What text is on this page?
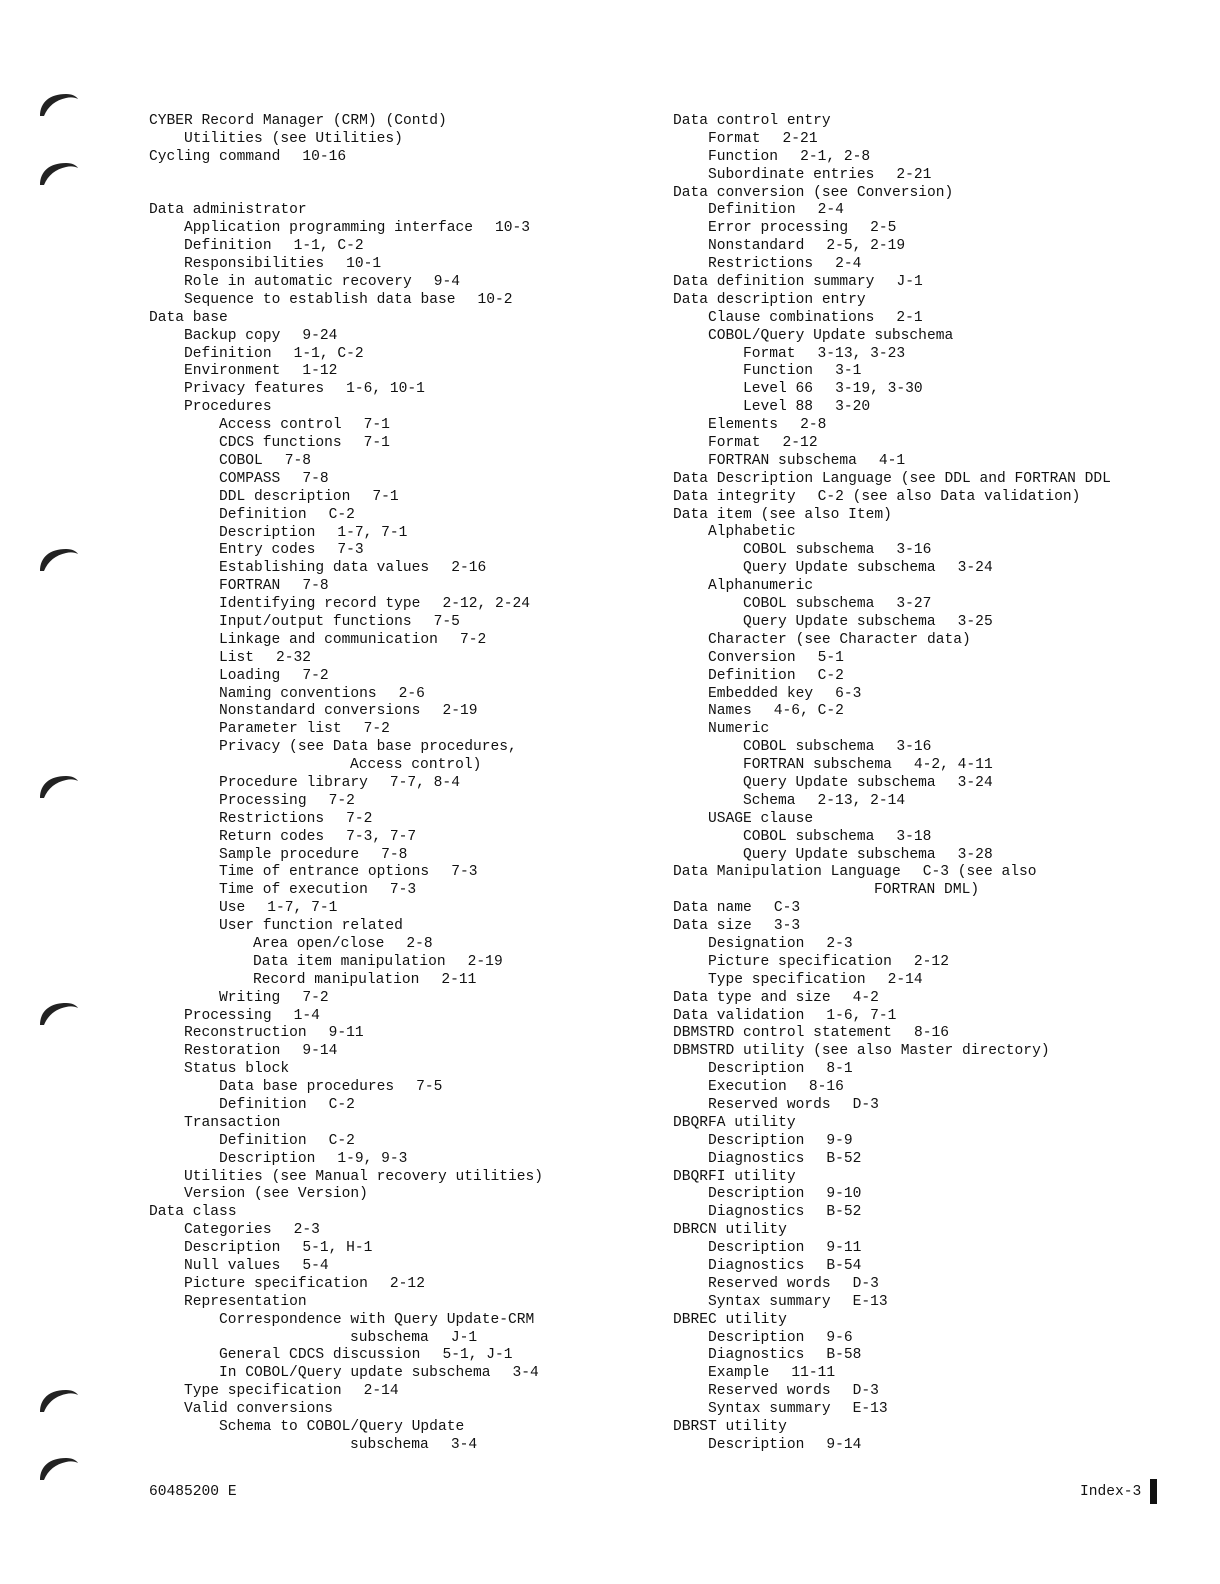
CYBER Record Manager (CRM) (Contd)
Utilities (see Utilities)
Cycling command 10-16
Data administrator
Application programming interface 10-3
Definition 1-1, C-2
Responsibilities 10-1
Role in automatic recovery 9-4
Sequence to establish data base 10-2
Data base
Backup copy 9-24
Definition 1-1, C-2
Environment 1-12
Privacy features 1-6, 10-1
Procedures
Access control 7-1
CDCS functions 7-1
COBOL 7-8
COMPASS 7-8
DDL description 7-1
Definition C-2
Description 1-7, 7-1
Entry codes 7-3
Establishing data values 2-16
FORTRAN 7-8
Identifying record type 2-12, 2-24
Input/output functions 7-5
Linkage and communication 7-2
List 2-32
Loading 7-2
Naming conventions 2-6
Nonstandard conversions 2-19
Parameter list 7-2
Privacy (see Data base procedures,
Access control)
Procedure library 7-7, 8-4
Processing 7-2
Restrictions 7-2
Return codes 7-3, 7-7
Sample procedure 7-8
Time of entrance options 7-3
Time of execution 7-3
Use 1-7, 7-1
User function related
Area open/close 2-8
Data item manipulation 2-19
Record manipulation 2-11
Writing 7-2
Processing 1-4
Reconstruction 9-11
Restoration 9-14
Status block
Data base procedures 7-5
Definition C-2
Transaction
Definition C-2
Description 1-9, 9-3
Utilities (see Manual recovery utilities)
Version (see Version)
Data class
Categories 2-3
Description 5-1, H-1
Null values 5-4
Picture specification 2-12
Representation
Correspondence with Query Update-CRM
subschema J-1
General CDCS discussion 5-1, J-1
In COBOL/Query update subschema 3-4
Type specification 2-14
Valid conversions
Schema to COBOL/Query Update
subschema 3-4
Data control entry
Format 2-21
Function 2-1, 2-8
Subordinate entries 2-21
Data conversion (see Conversion)
Definition 2-4
Error processing 2-5
Nonstandard 2-5, 2-19
Restrictions 2-4
Data definition summary J-1
Data description entry
Clause combinations 2-1
COBOL/Query Update subschema
Format 3-13, 3-23
Function 3-1
Level 66 3-19, 3-30
Level 88 3-20
Elements 2-8
Format 2-12
FORTRAN subschema 4-1
Data Description Language (see DDL and FORTRAN DDL
Data integrity C-2 (see also Data validation)
Data item (see also Item)
Alphabetic
COBOL subschema 3-16
Query Update subschema 3-24
Alphanumeric
COBOL subschema 3-27
Query Update subschema 3-25
Character (see Character data)
Conversion 5-1
Definition C-2
Embedded key 6-3
Names 4-6, C-2
Numeric
COBOL subschema 3-16
FORTRAN subschema 4-2, 4-11
Query Update subschema 3-24
Schema 2-13, 2-14
USAGE clause
COBOL subschema 3-18
Query Update subschema 3-28
Data Manipulation Language C-3 (see also
FORTRAN DML)
Data name C-3
Data size 3-3
Designation 2-3
Picture specification 2-12
Type specification 2-14
Data type and size 4-2
Data validation 1-6, 7-1
DBMSTRD control statement 8-16
DBMSTRD utility (see also Master directory)
Description 8-1
Execution 8-16
Reserved words D-3
DBQRFA utility
Description 9-9
Diagnostics B-52
DBQRFI utility
Description 9-10
Diagnostics B-52
DBRCN utility
Description 9-11
Diagnostics B-54
Reserved words D-3
Syntax summary E-13
DBREC utility
Description 9-6
Diagnostics B-58
Example 11-11
Reserved words D-3
Syntax summary E-13
DBRST utility
Description 9-14
60485200 E	Index-3
